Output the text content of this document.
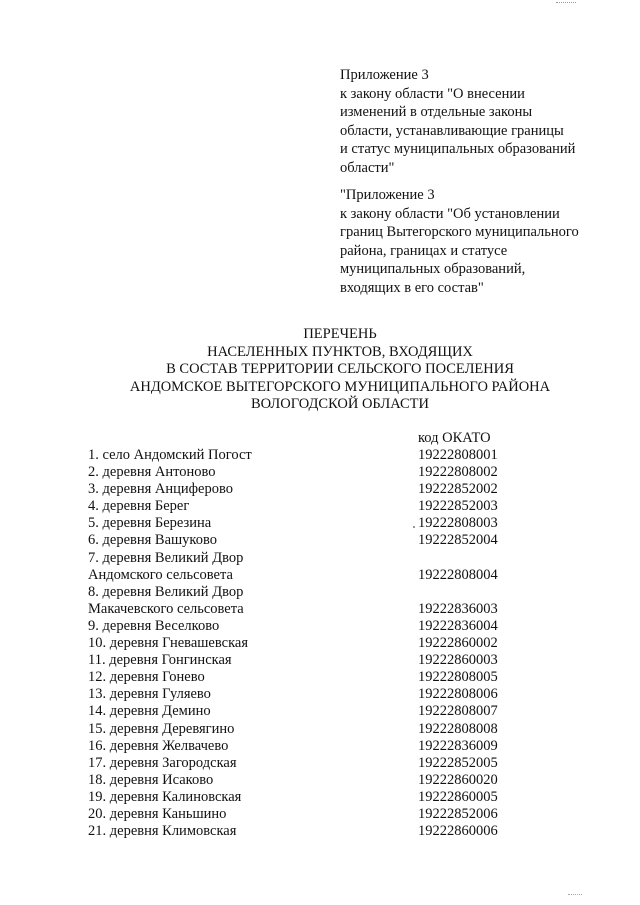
Приложение 3
к закону области "О внесении
изменений в отдельные законы
области, устанавливающие границы
и статус муниципальных образований
области"
"Приложение 3
к закону области "Об установлении
границ Вытегорского муниципального
района, границах и статусе
муниципальных образований,
входящих в его состав"
ПЕРЕЧЕНЬ
НАСЕЛЕННЫХ ПУНКТОВ, ВХОДЯЩИХ
В СОСТАВ ТЕРРИТОРИИ СЕЛЬСКОГО ПОСЕЛЕНИЯ
АНДОМСКОЕ ВЫТЕГОРСКОГО МУНИЦИПАЛЬНОГО РАЙОНА
ВОЛОГОДСКОЙ ОБЛАСТИ
код ОКАТО
1. село Андомский Погост	19222808001
2. деревня Антоново	19222808002
3. деревня Анциферово	19222852002
4. деревня Берег	19222852003
5. деревня Березина	19222808003
6. деревня Вашуково	19222852004
7. деревня Великий Двор
Андомского сельсовета	19222808004
8. деревня Великий Двор
Макачевского сельсовета	19222836003
9. деревня Веселково	19222836004
10. деревня Гневашевская	19222860002
11. деревня Гонгинская	19222860003
12. деревня Гонево	19222808005
13. деревня Гуляево	19222808006
14. деревня Демино	19222808007
15. деревня Деревягино	19222808008
16. деревня Желвачево	19222836009
17. деревня Загородская	19222852005
18. деревня Исаково	19222860020
19. деревня Калиновская	19222860005
20. деревня Каньшино	19222852006
21. деревня Климовская	19222860006
